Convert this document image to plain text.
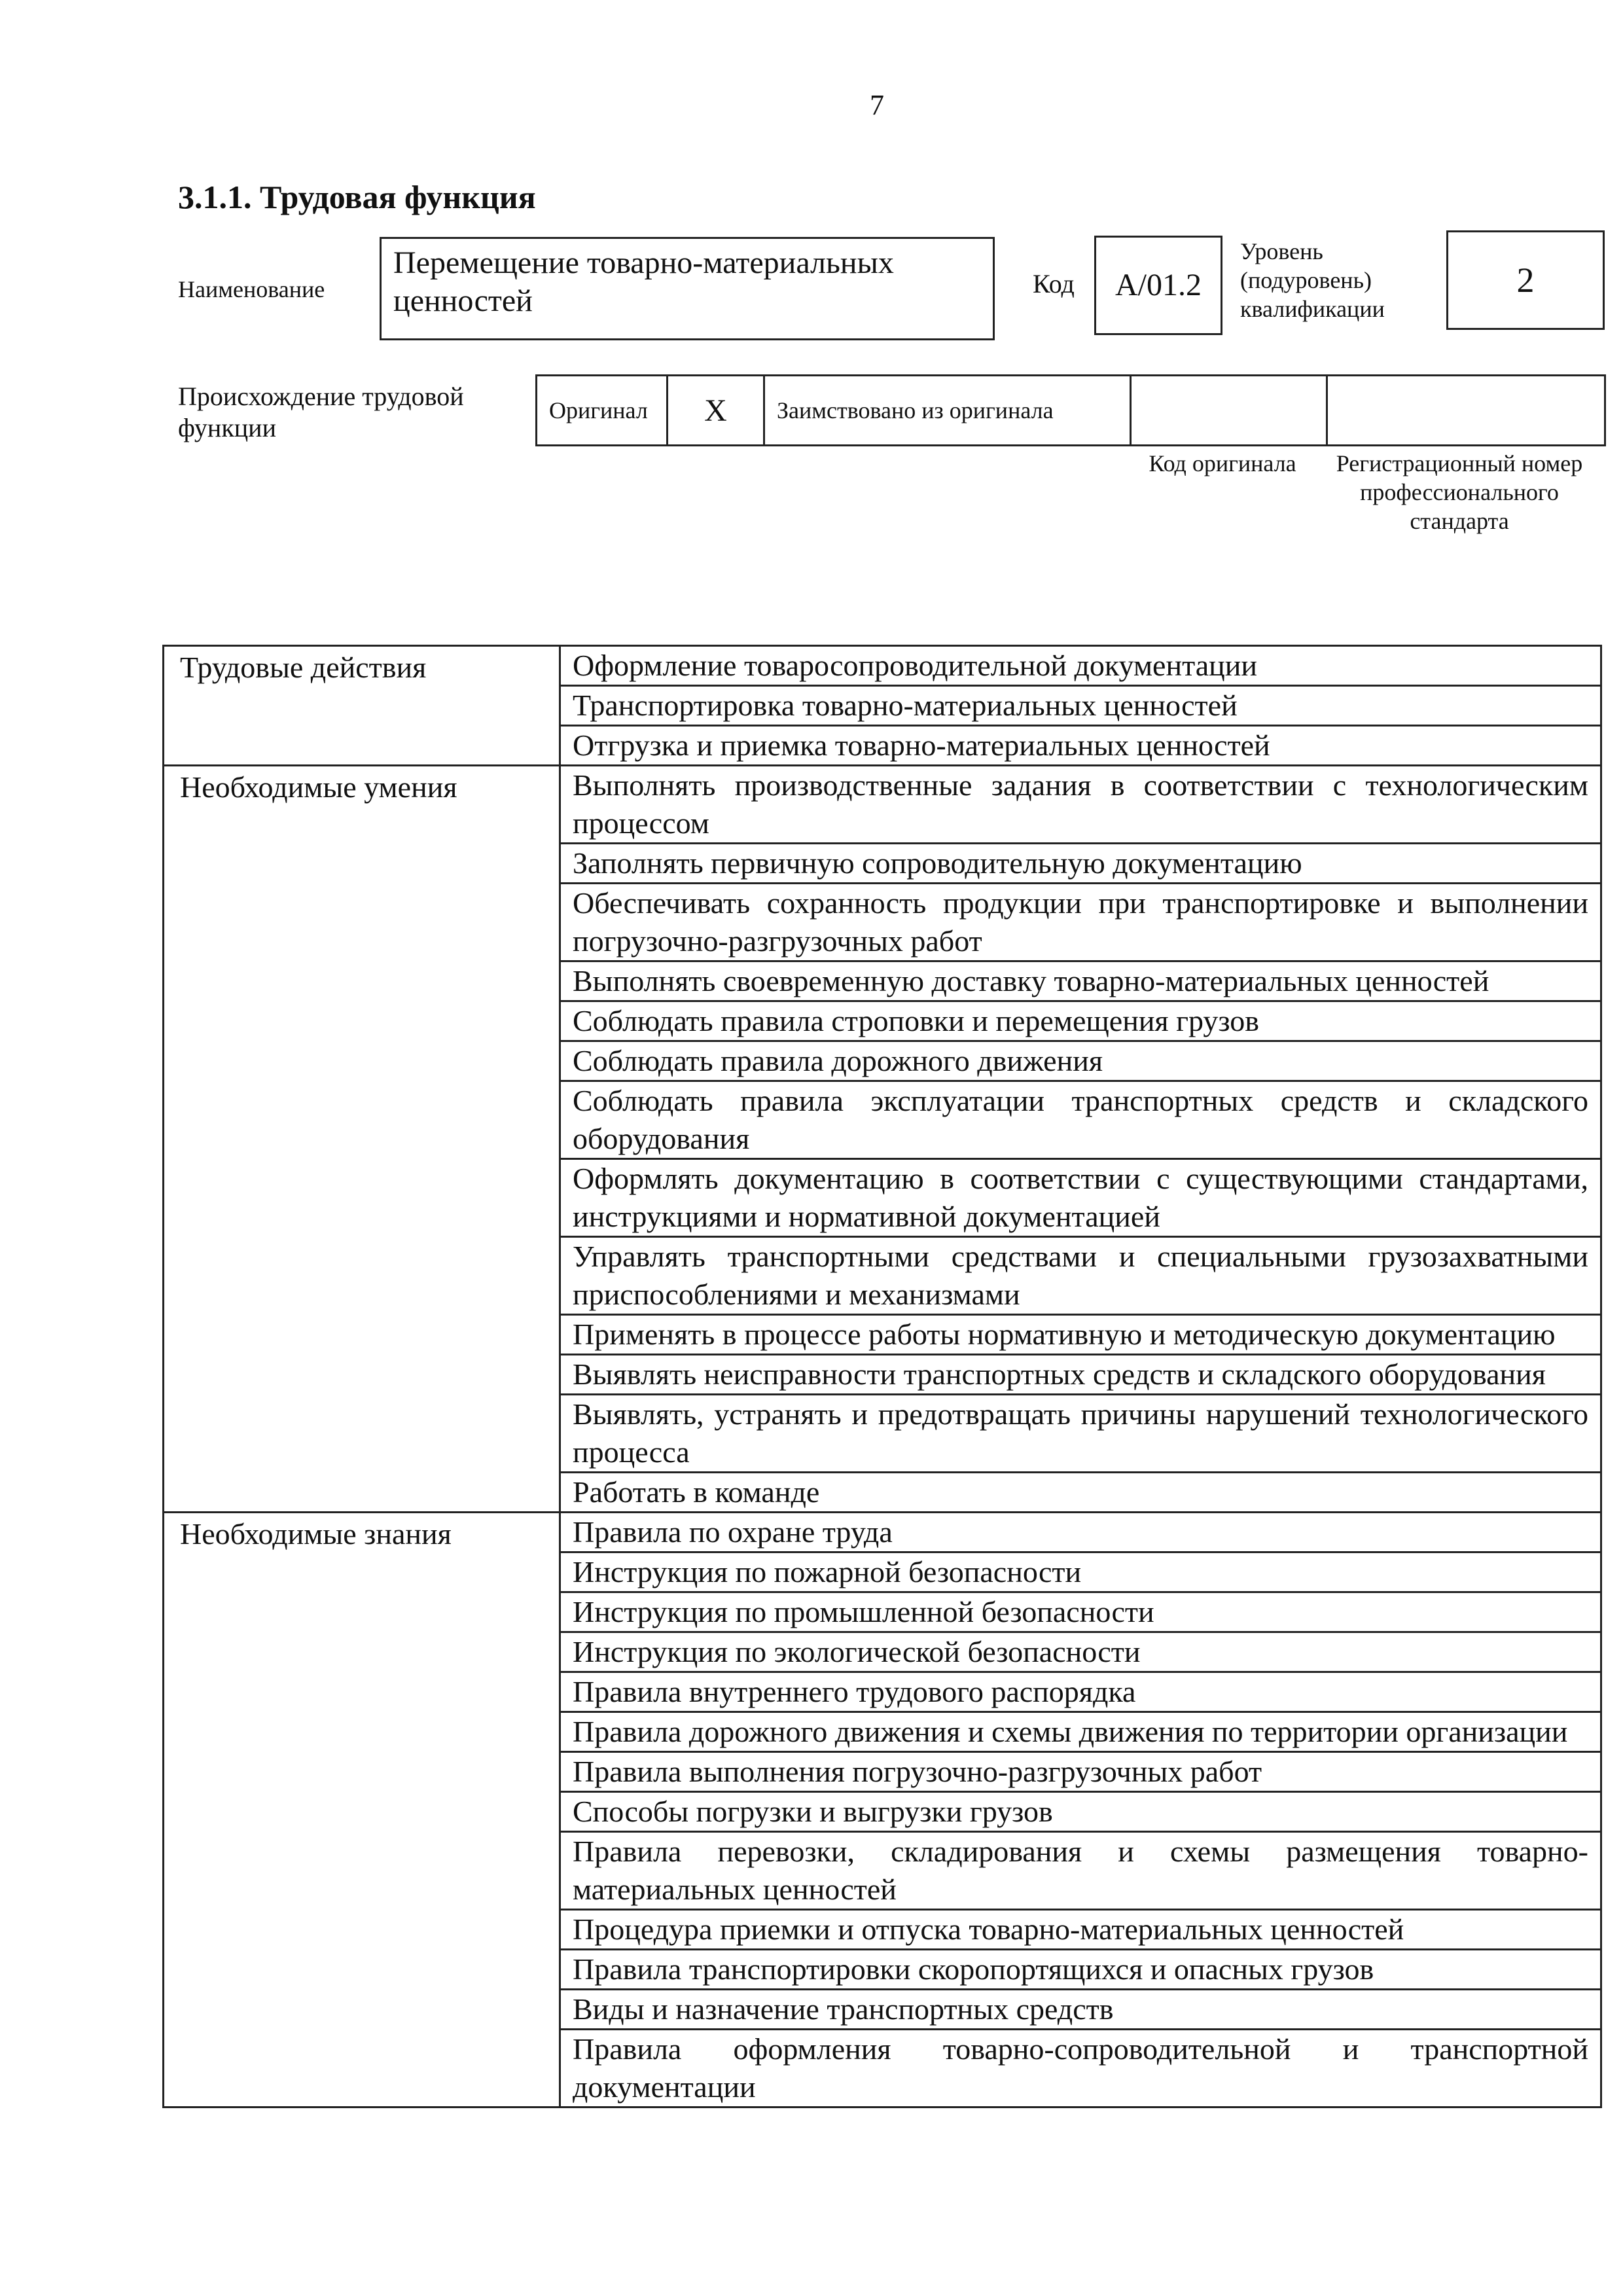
7
3.1.1. Трудовая функция
Наименование
Перемещение товарно-материальных ценностей	Код	А/01.2
Уровень (подуровень) квалификации
2
Происхождение трудовой функции
Оригинал	X	Заимствовано из оригинала
Код оригинала	Регистрационный номер профессионального стандарта
Трудовые действия	Оформление товаросопроводительной документации
	Транспортировка товарно-материальных ценностей
	Отгрузка и приемка товарно-материальных ценностей
Необходимые умения	Выполнять производственные задания в соответствии с технологическим процессом
	Заполнять первичную сопроводительную документацию
	Обеспечивать сохранность продукции при транспортировке и выполнении погрузочно-разгрузочных работ
	Выполнять своевременную доставку товарно-материальных ценностей
	Соблюдать правила строповки и перемещения грузов
	Соблюдать правила дорожного движения
	Соблюдать правила эксплуатации транспортных средств и складского оборудования
	Оформлять документацию в соответствии с существующими стандартами, инструкциями и нормативной документацией
	Управлять транспортными средствами и специальными грузозахватными приспособлениями и механизмами
	Применять в процессе работы нормативную и методическую документацию
	Выявлять неисправности транспортных средств и складского оборудования
	Выявлять, устранять и предотвращать причины нарушений технологического процесса
	Работать в команде
Необходимые знания	Правила по охране труда
	Инструкция по пожарной безопасности
	Инструкция по промышленной безопасности
	Инструкция по экологической безопасности
	Правила внутреннего трудового распорядка
	Правила дорожного движения и схемы движения по территории организации
	Правила выполнения погрузочно-разгрузочных работ
	Способы погрузки и выгрузки грузов
	Правила перевозки, складирования и схемы размещения товарно-материальных ценностей
	Процедура приемки и отпуска товарно-материальных ценностей
	Правила транспортировки скоропортящихся и опасных грузов
	Виды и назначение транспортных средств
	Правила оформления товарно-сопроводительной и транспортной документации
